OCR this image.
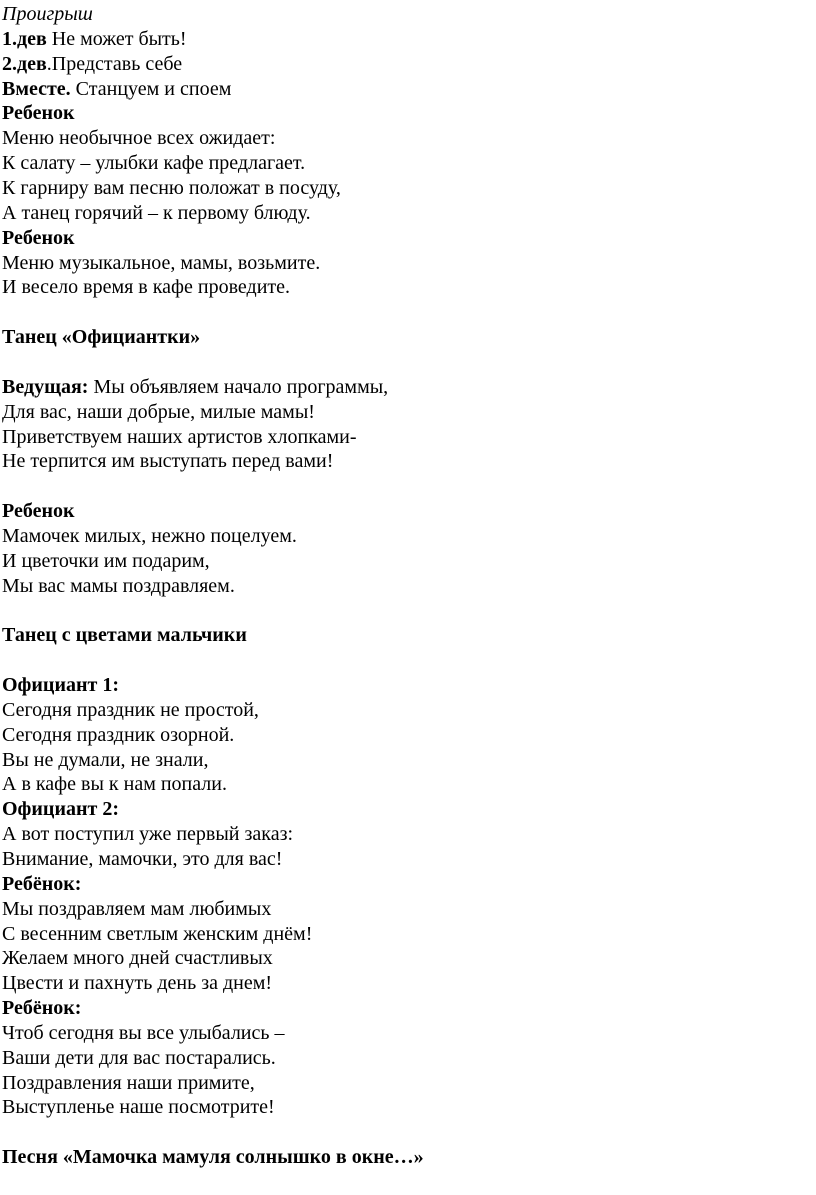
Проигрыш
1.дев Не может быть!
2.дев.Представь себе
Вместе. Станцуем и споем
Ребенок
Меню необычное всех ожидает:
К салату – улыбки кафе предлагает.
К гарниру вам песню положат в посуду,
А танец горячий – к первому блюду.
Ребенок
Меню музыкальное, мамы, возьмите.
И весело время в кафе проведите.
Танец «Официантки»
Ведущая: Мы объявляем начало программы,
Для вас, наши добрые, милые мамы!
Приветствуем наших артистов хлопками-
Не терпится им выступать перед вами!
Ребенок
Мамочек милых, нежно поцелуем.
И цветочки им подарим,
Мы вас мамы поздравляем.
Танец с цветами мальчики
Официант 1:
Сегодня праздник не простой,
Сегодня праздник озорной.
Вы не думали, не знали,
А в кафе вы к нам попали.
Официант 2:
А вот поступил уже первый заказ:
Внимание, мамочки, это для вас!
Ребёнок:
Мы поздравляем мам любимых
С весенним светлым женским днём!
Желаем много дней счастливых
Цвести и пахнуть день за днем!
Ребёнок:
Чтоб сегодня вы все улыбались –
Ваши дети для вас постарались.
Поздравления наши примите,
Выступленье наше посмотрите!
Песня «Мамочка мамуля солнышко в окне…»
